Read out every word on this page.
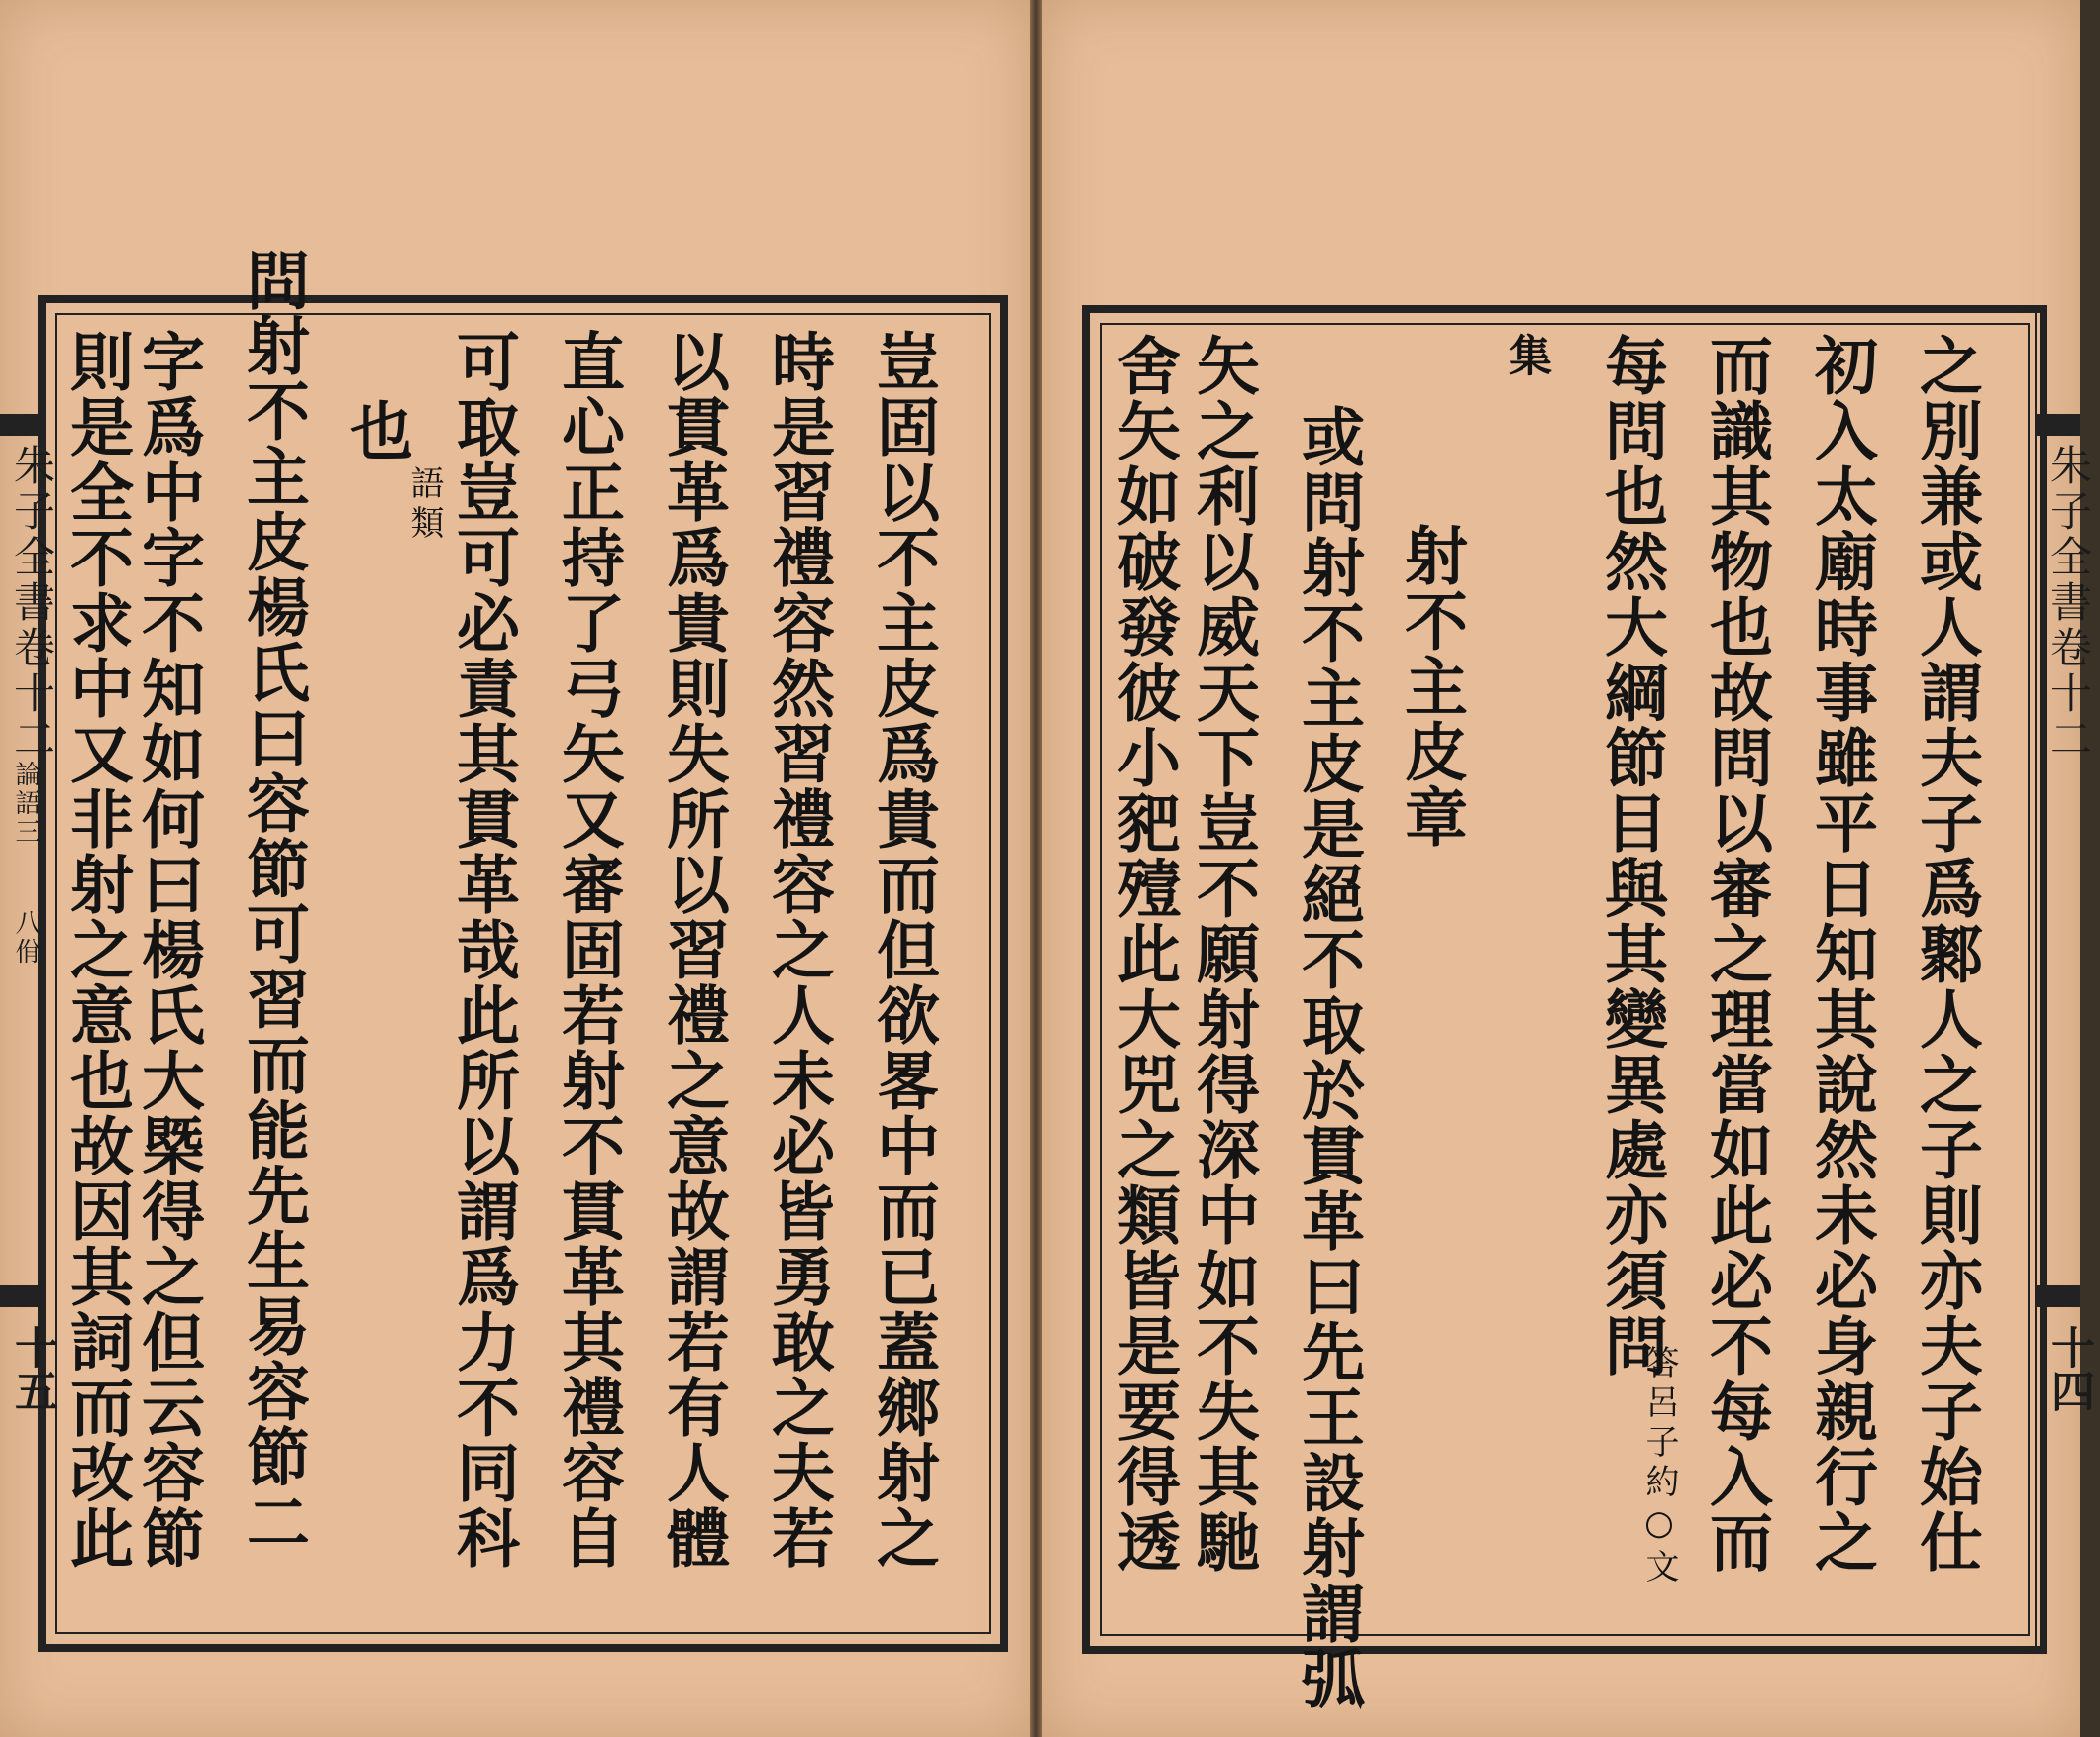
豈固以不主皮爲貴而但欲畧中而已蓋鄉射之
時是習禮容然習禮容之人未必皆勇敢之夫若
以貫革爲貴則失所以習禮之意故謂若有人體
直心正持了弓矢又審固若射不貫革其禮容自
可取豈可必責其貫革哉此所以謂爲力不同科
也
語類
問射不主皮楊氏曰容節可習而能先生易容節二
字爲中字不知如何曰楊氏大槩得之但云容節
則是全不求中又非射之意也故因其詞而改此
朱子全書卷十二
論語三
八佾
十五	之別兼或人謂夫子爲鄹人之子則亦夫子始仕
初入太廟時事雖平日知其說然未必身親行之
而識其物也故問以審之理當如此必不每入而
每問也然大綱節目與其變異處亦須問
答呂子約○文
集
射不主皮章
或問射不主皮是絕不取於貫革曰先王設射謂弧
矢之利以威天下豈不願射得深中如不失其馳
舍矢如破發彼小豝殪此大兕之類皆是要得透	朱子全書卷十二
十四
